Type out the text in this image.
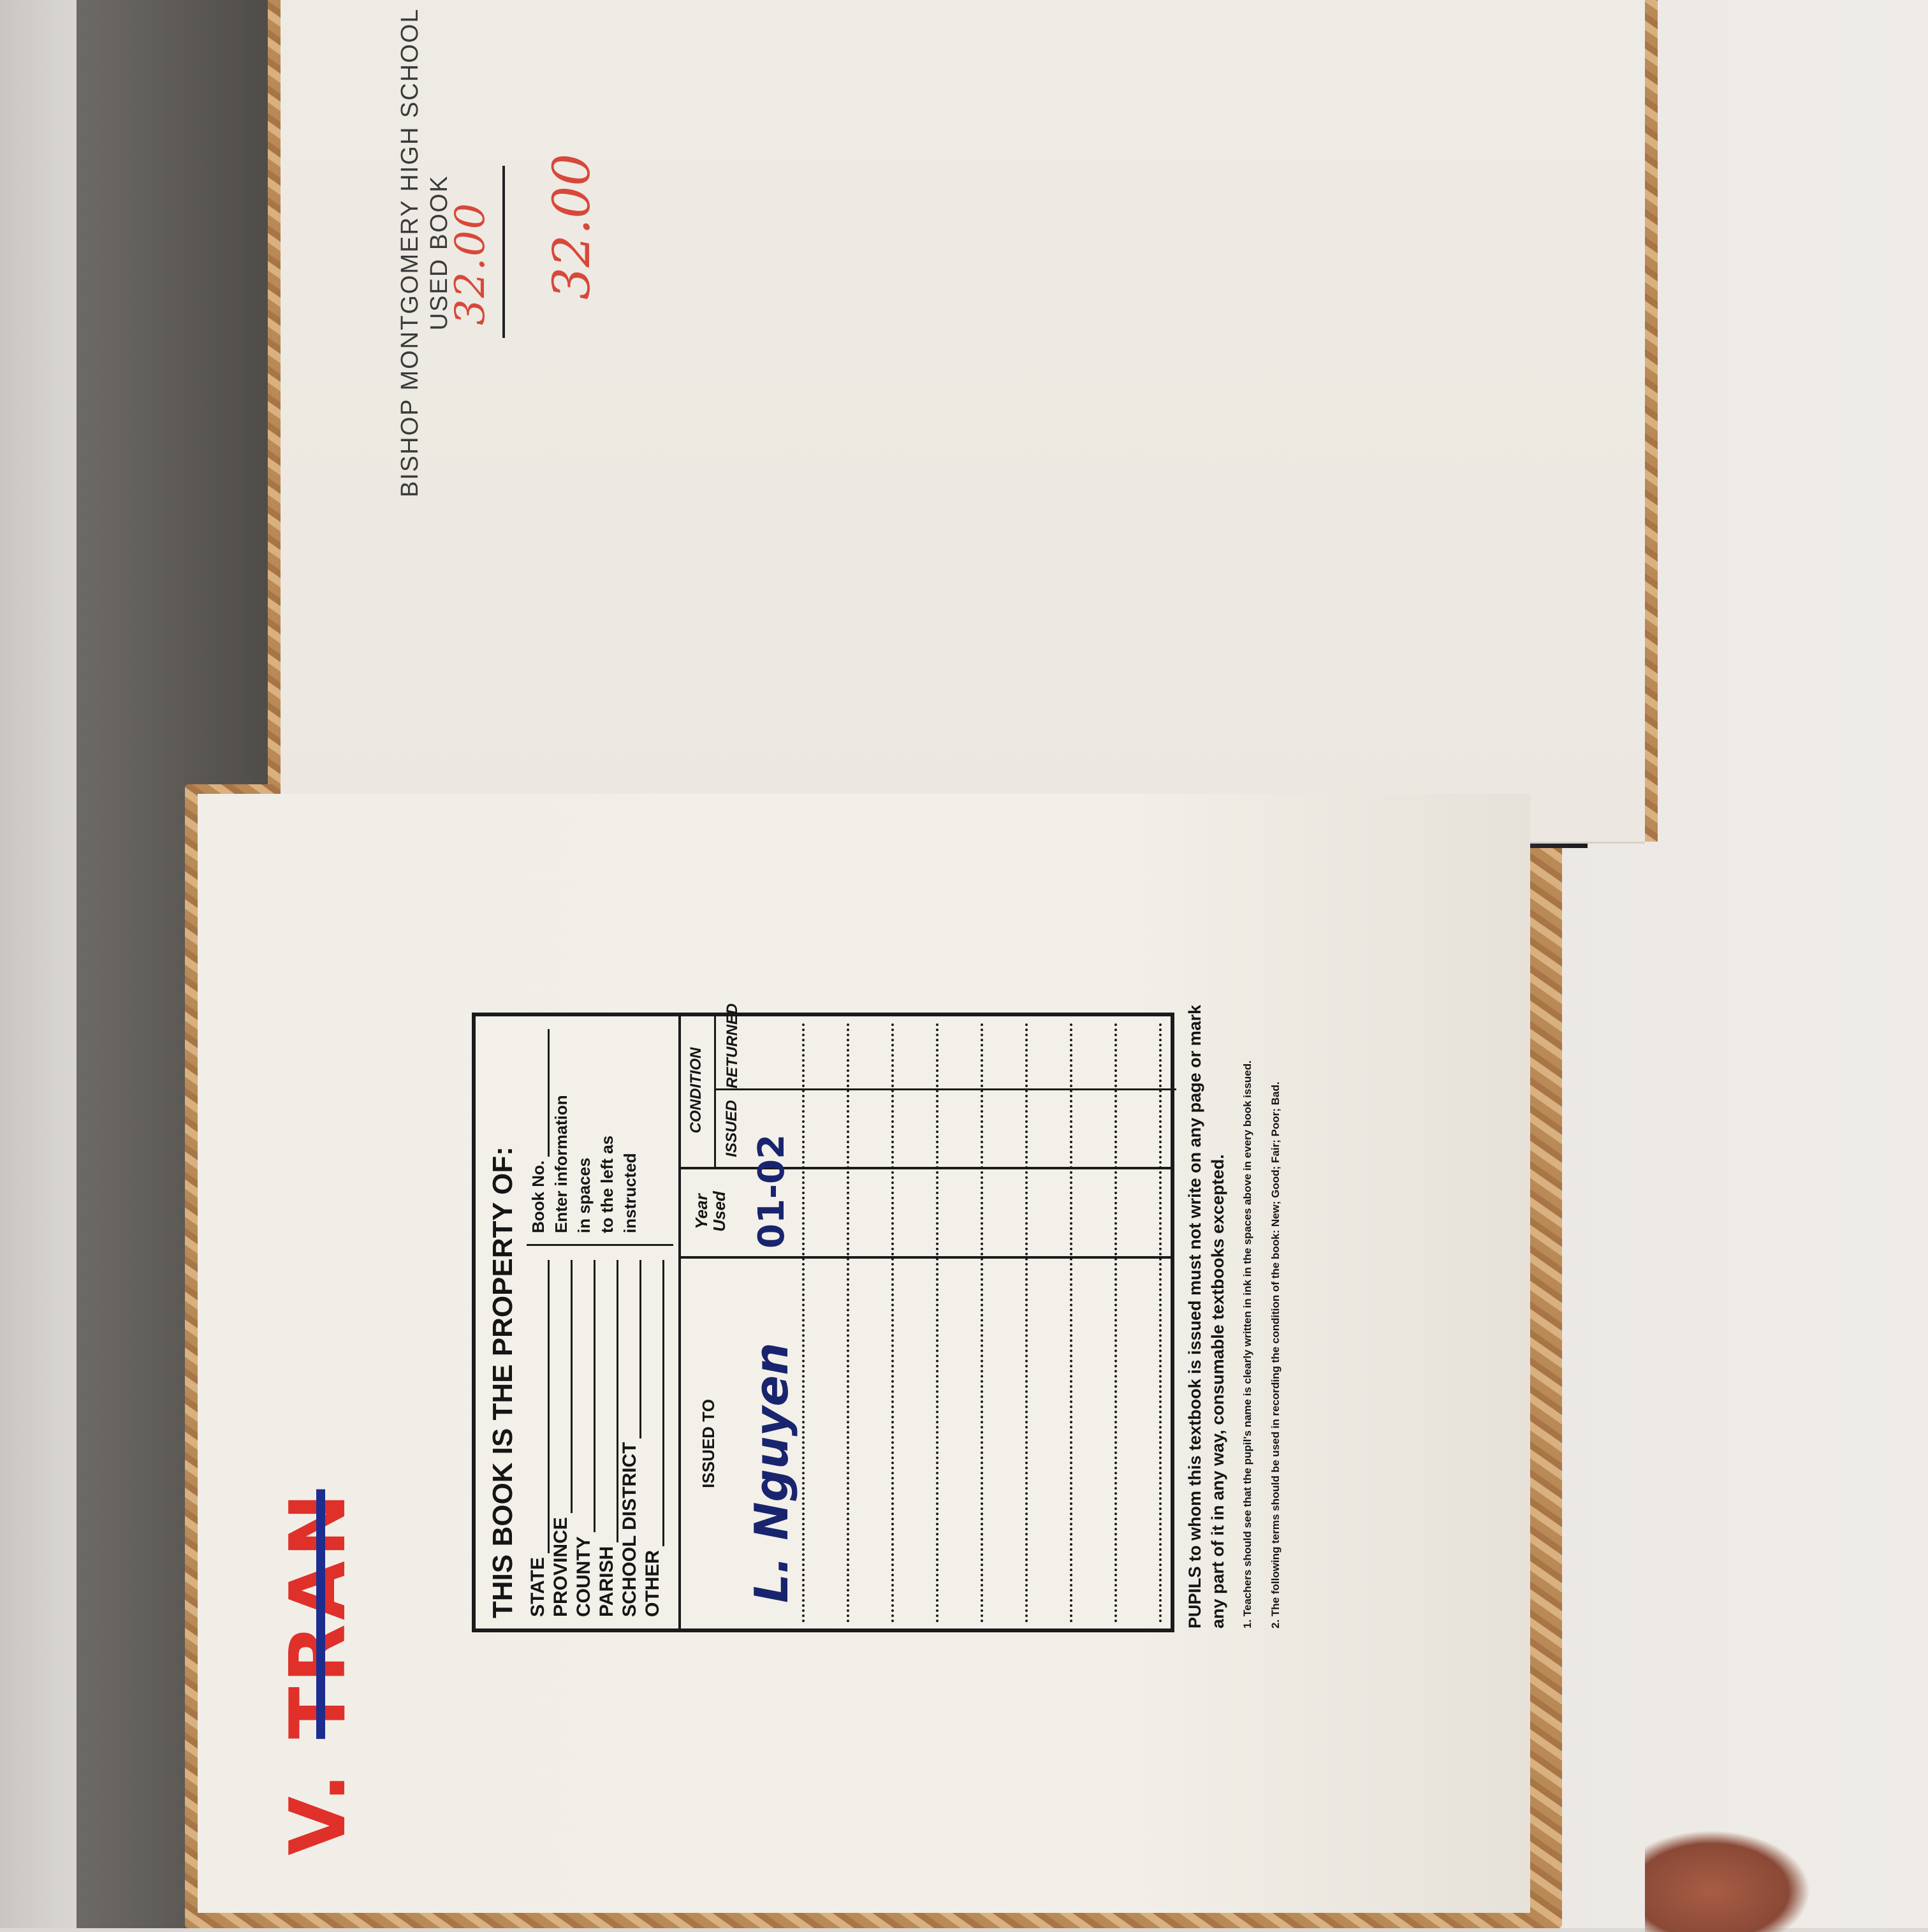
BISHOP MONTGOMERY HIGH SCHOOL USED BOOK
32.00 32.00
V. TRAN	THIS BOOK IS THE PROPERTY OF: STATE PROVINCE COUNTY PARISH SCHOOL DISTRICT OTHER
Book No. Enter information in spaces to the left as instructed
ISSUED TO
Year
Used
CONDITION ISSUED
RETURNED
L. Nguyen
01-02	PUPILS to whom this textbook is issued must not write on any page or mark any part of it in any way, consumable textbooks excepted. 1. Teachers should see that the pupil's name is clearly written in ink in the spaces above in every book issued. 2. The following terms should be used in recording the condition of the book: New; Good; Fair; Poor; Bad.
